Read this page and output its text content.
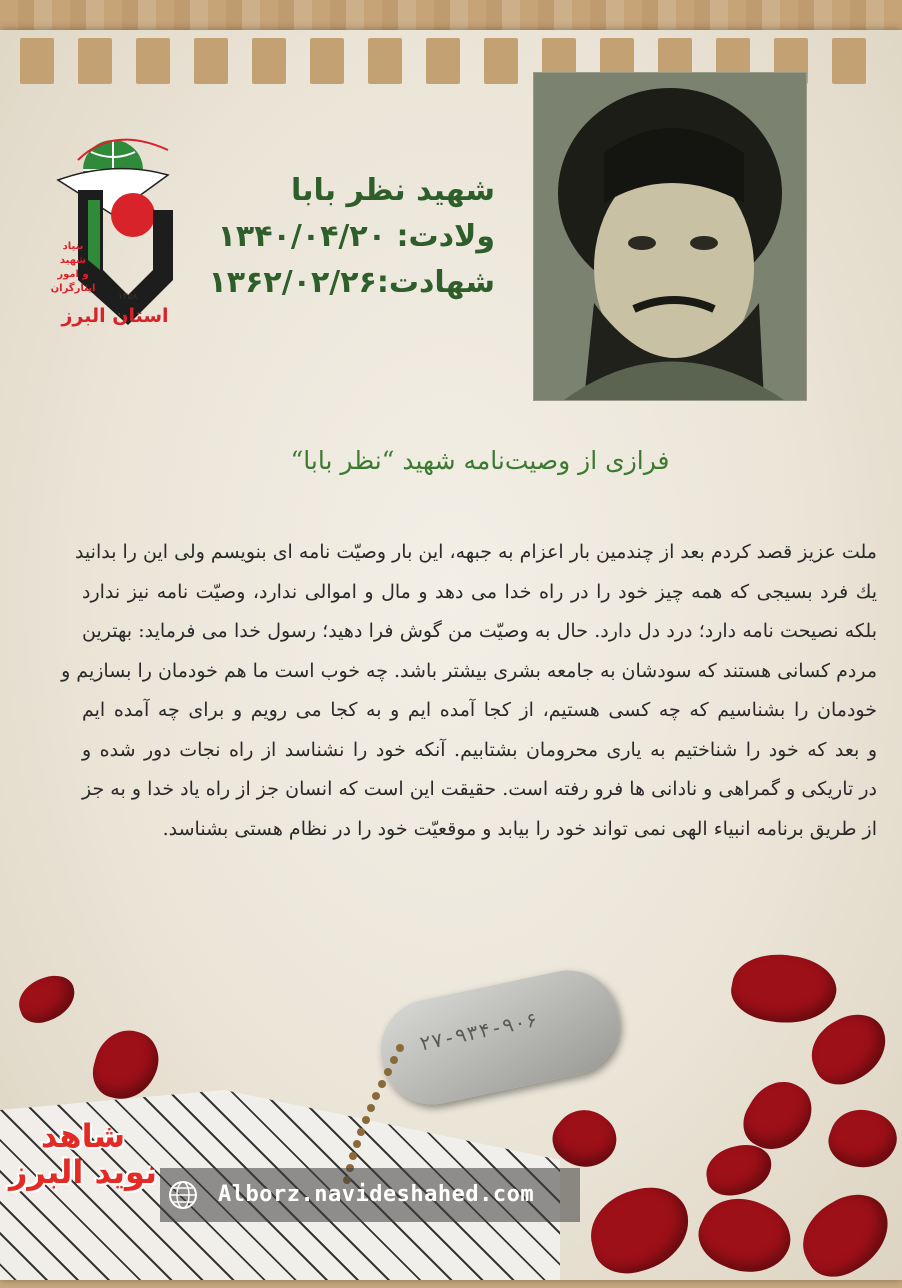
بنیاد
شهید
و امور ایثارگران
۱۳۵۸
استان البرز
شهید نظر بابا
ولادت: ۱۳۴۰/۰۴/۲۰
شهادت:۱۳۶۲/۰۲/۲۶
فرازی از وصیت‌نامه شهید “نظر بابا“
ملت عزیز قصد کردم بعد از چندمین بار اعزام به جبهه، این بار وصیّت نامه ای بنویسم ولی این را بدانید
یك فرد بسیجی که همه چیز خود را در راه خدا می دهد و مال و اموالی ندارد، وصیّت نامه نیز ندارد
بلکه نصیحت نامه دارد؛ درد دل دارد. حال به وصیّت من گوش فرا دهید؛ رسول خدا می فرماید: بهترین
مردم کسانی هستند که سودشان به جامعه بشری بیشتر باشد. چه خوب است ما هم خودمان را بسازیم و
خودمان را بشناسیم که چه کسی هستیم، از کجا آمده ایم و به کجا می رویم و برای چه آمده ایم
و بعد که خود را شناختیم به یاری محرومان بشتابیم. آنکه خود را نشناسد از راه نجات دور شده و
در تاریکی و گمراهی و نادانی ها فرو رفته است. حقیقت این است که انسان جز از راه یاد خدا و به جز
از طریق برنامه انبیاء الهی نمی تواند خود را بیابد و موقعیّت خود را در نظام هستی بشناسد.
۲۷-۹۳۴-۹۰۶
Alborz.navideshahed.com
شاهد
نوید البرز
